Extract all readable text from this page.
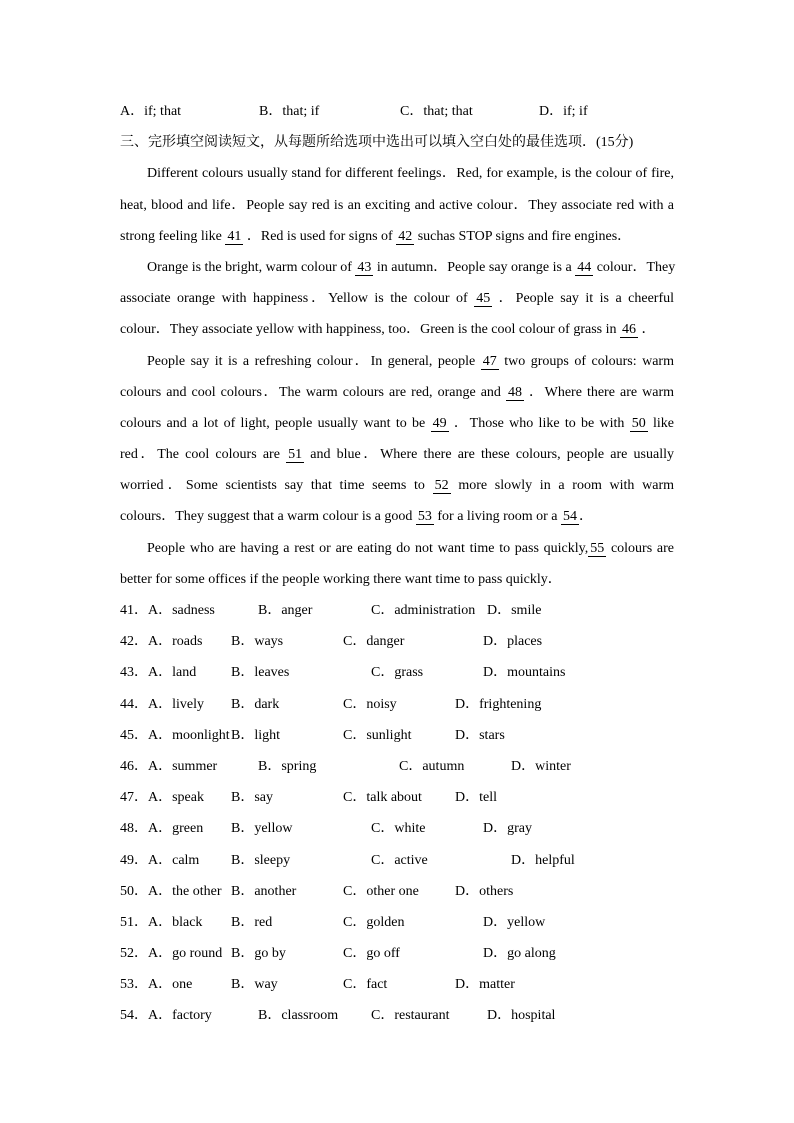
A．if; that	B．that; if	C．that; that	D．if; if
三、完形填空阅读短文，从每题所给选项中选出可以填入空白处的最佳选项．(15分)
Different colours usually stand for different feelings．Red, for example, is the colour of fire,
heat, blood and life．People say red is an exciting and active colour．They associate red with a
strong feeling like 41 ．Red is used for signs of 42 suchas STOP signs and fire engines．
Orange is the bright, warm colour of 43 in autumn．People say orange is a 44 colour．They
associate orange with happiness．Yellow is the colour of 45 ．People say it is a cheerful
colour．They associate yellow with happiness, too．Green is the cool colour of grass in 46 ．
People say it is a refreshing colour．In general, people 47 two groups of colours: warm
colours and cool colours．The warm colours are red, orange and 48 ．Where there are warm
colours and a lot of light, people usually want to be 49 ．Those who like to be with 50 like
red．The cool colours are 51 and blue．Where there are these colours, people are usually
worried．Some scientists say that time seems to 52 more slowly in a room with warm
colours．They suggest that a warm colour is a good 53 for a living room or a 54 ．
People who are having a rest or are eating do not want time to pass quickly, 55 colours are
better for some offices if the people working there want time to pass quickly．
41． A．sadness	B．anger	C．administration D．smile
42． A．roads B．ways	C．danger	D．places
43． A．land B．leaves	C．grass	D．mountains
44． A．lively B．dark	C．noisy	D．frightening
45． A．moonlight B．light	C．sunlight	D．stars
46． A．summer	B．spring	C．autumn	D．winter
47． A．speak B．say	C．talk about D．tell
48． A．green B．yellow	C．white	D．gray
49． A．calm B．sleepy	C．active	D．helpful
50． A．the other B．another	C．other one	D．others
51． A．black B．red	C．golden	D．yellow
52． A．go round B．go by	C．go off	D．go along
53． A．one	B．way	C．fact	D．matter
54． A．factory	B．classroom C．restaurant	D．hospital
